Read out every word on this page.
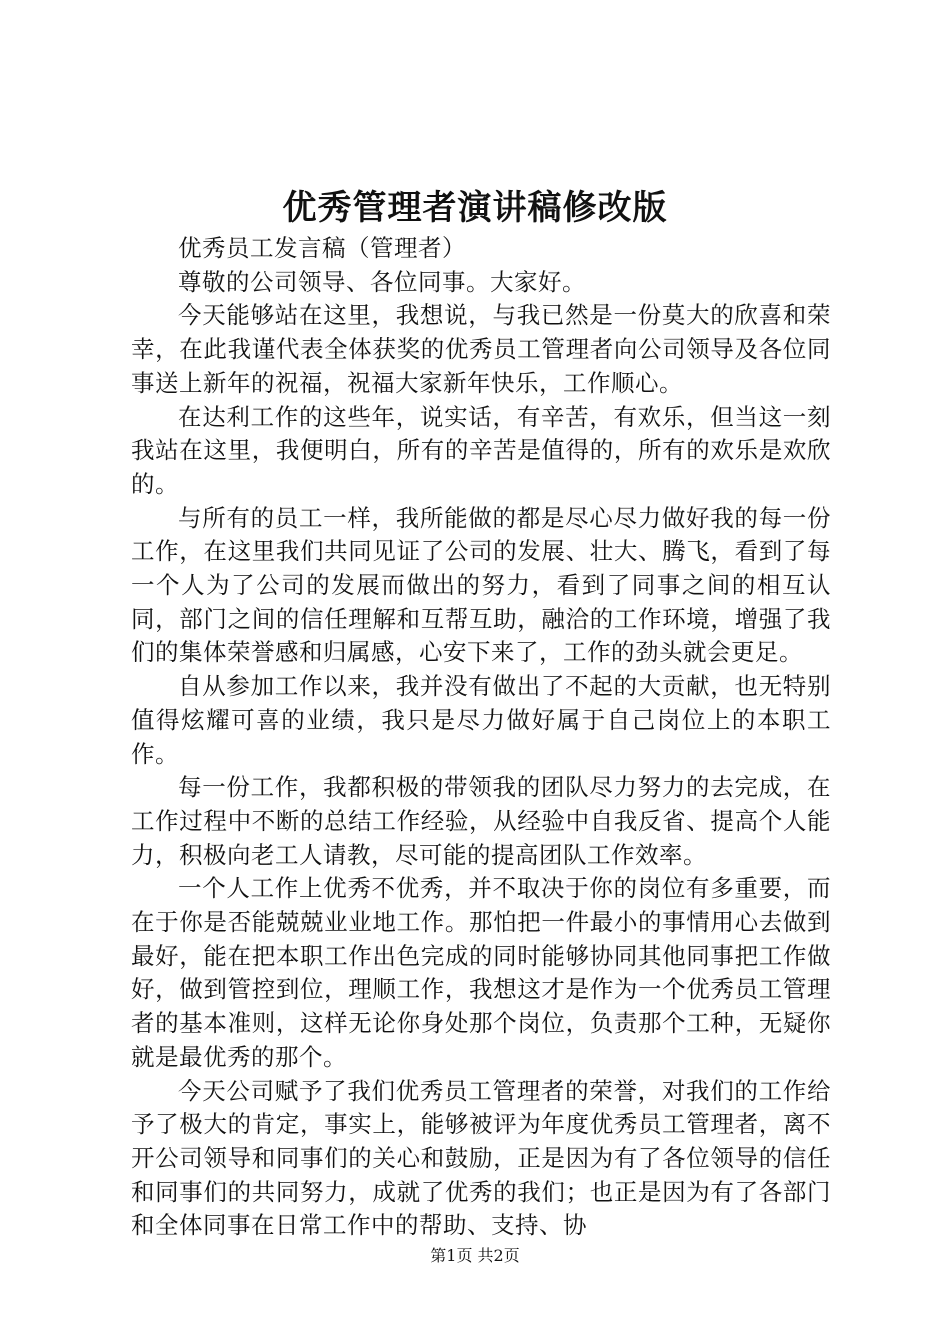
优秀管理者演讲稿修改版

优秀员工发言稿（管理者）

尊敬的公司领导、各位同事。大家好。

今天能够站在这里，我想说，与我已然是一份莫大的欣喜和荣幸，在此我谨代表全体获奖的优秀员工管理者向公司领导及各位同事送上新年的祝福，祝福大家新年快乐，工作顺心。

在达利工作的这些年，说实话，有辛苦，有欢乐，但当这一刻我站在这里，我便明白，所有的辛苦是值得的，所有的欢乐是欢欣的。

与所有的员工一样，我所能做的都是尽心尽力做好我的每一份工作，在这里我们共同见证了公司的发展、壮大、腾飞，看到了每一个人为了公司的发展而做出的努力，看到了同事之间的相互认同，部门之间的信任理解和互帮互助，融洽的工作环境，增强了我们的集体荣誉感和归属感，心安下来了，工作的劲头就会更足。

自从参加工作以来，我并没有做出了不起的大贡献，也无特别值得炫耀可喜的业绩，我只是尽力做好属于自己岗位上的本职工作。

每一份工作，我都积极的带领我的团队尽力努力的去完成，在工作过程中不断的总结工作经验，从经验中自我反省、提高个人能力，积极向老工人请教，尽可能的提高团队工作效率。

一个人工作上优秀不优秀，并不取决于你的岗位有多重要，而在于你是否能兢兢业业地工作。那怕把一件最小的事情用心去做到最好，能在把本职工作出色完成的同时能够协同其他同事把工作做好，做到管控到位，理顺工作，我想这才是作为一个优秀员工管理者的基本准则，这样无论你身处那个岗位，负责那个工种，无疑你就是最优秀的那个。

今天公司赋予了我们优秀员工管理者的荣誉，对我们的工作给予了极大的肯定，事实上，能够被评为年度优秀员工管理者，离不开公司领导和同事们的关心和鼓励，正是因为有了各位领导的信任和同事们的共同努力，成就了优秀的我们；也正是因为有了各部门和全体同事在日常工作中的帮助、支持、协

第1页 共2页
